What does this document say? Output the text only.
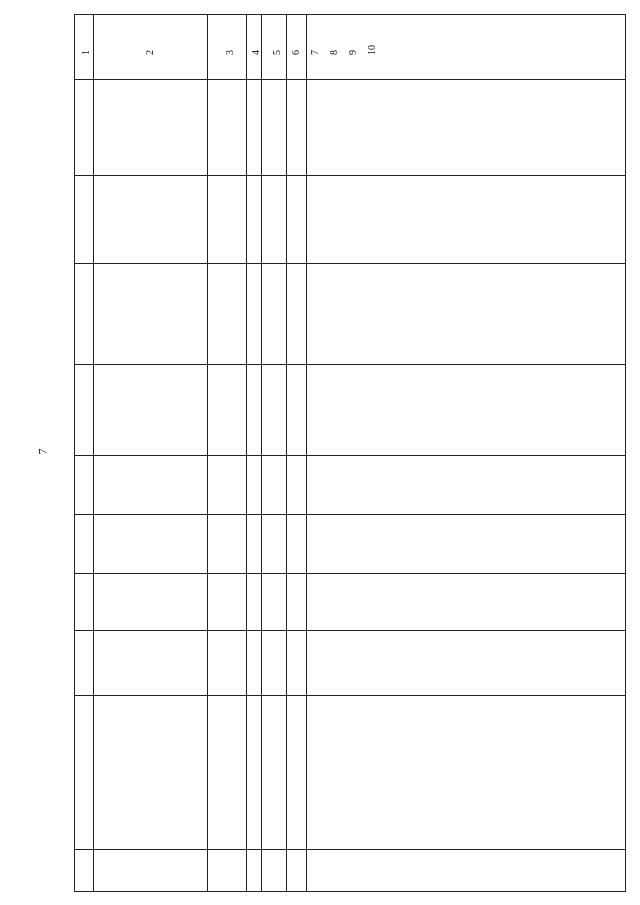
7
1	2	3 4 5 6 7 8 9 10
